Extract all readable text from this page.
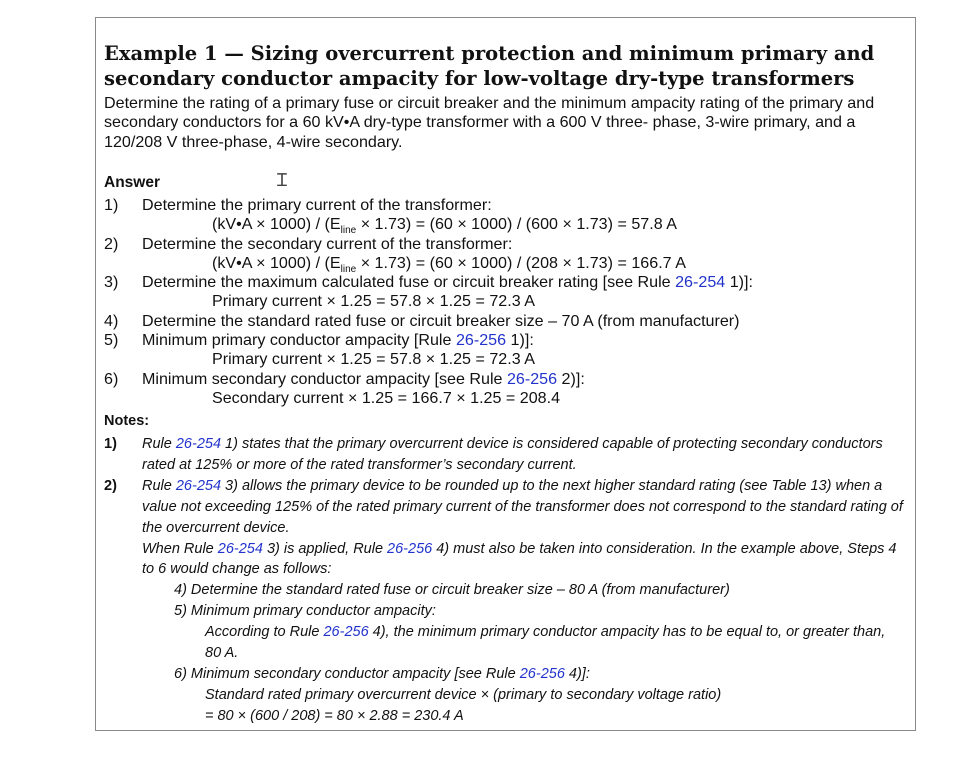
Example 1 — Sizing overcurrent protection and minimum primary and secondary conductor ampacity for low-voltage dry-type transformers
Determine the rating of a primary fuse or circuit breaker and the minimum ampacity rating of the primary and secondary conductors for a 60 kV•A dry-type transformer with a 600 V three- phase, 3-wire primary, and a 120/208 V three-phase, 4-wire secondary.
Answer	Ɪ
1) Determine the primary current of the transformer:
(kV•A × $1000) / (E_{line} \times 1.73) = (60 \times 1000) / (600 \times 1.73) = 57.8$ A
2) Determine the secondary current of the transformer:
(kV•A × $1000) / (E_{line} \times 1.73) = (60 \times 1000) / (208 \times 1.73) = 166.7$ A
3) Determine the maximum calculated fuse or circuit breaker rating [see Rule 26-254 1)]:
Primary current × 1.25 = 57.8 × 1.25 = 72.3 A
4) Determine the standard rated fuse or circuit breaker size – 70 A (from manufacturer)
5) Minimum primary conductor ampacity [Rule 26-256 1)]:
Primary current × 1.25 = 57.8 × 1.25 = 72.3 A
6) Minimum secondary conductor ampacity [see Rule 26-256 2)]:
Secondary current × 1.25 = 166.7 × 1.25 = 208.4
Notes:
1) Rule 26-254 1) states that the primary overcurrent device is considered capable of protecting secondary conductors rated at 125% or more of the rated transformer’s secondary current.
2) Rule 26-254 3) allows the primary device to be rounded up to the next higher standard rating (see Table 13) when a value not exceeding 125% of the rated primary current of the transformer does not correspond to the standard rating of the overcurrent device.
When Rule 26-254 3) is applied, Rule 26-256 4) must also be taken into consideration. In the example above, Steps 4 to 6 would change as follows:
4) Determine the standard rated fuse or circuit breaker size – 80 A (from manufacturer)
5) Minimum primary conductor ampacity:
According to Rule 26-256 4), the minimum primary conductor ampacity has to be equal to, or greater than, 80 A.
6) Minimum secondary conductor ampacity [see Rule 26-256 4)]:
Standard rated primary overcurrent device × (primary to secondary voltage ratio)
= 80 × (600 / 208) = 80 × 2.88 = 230.4 A
